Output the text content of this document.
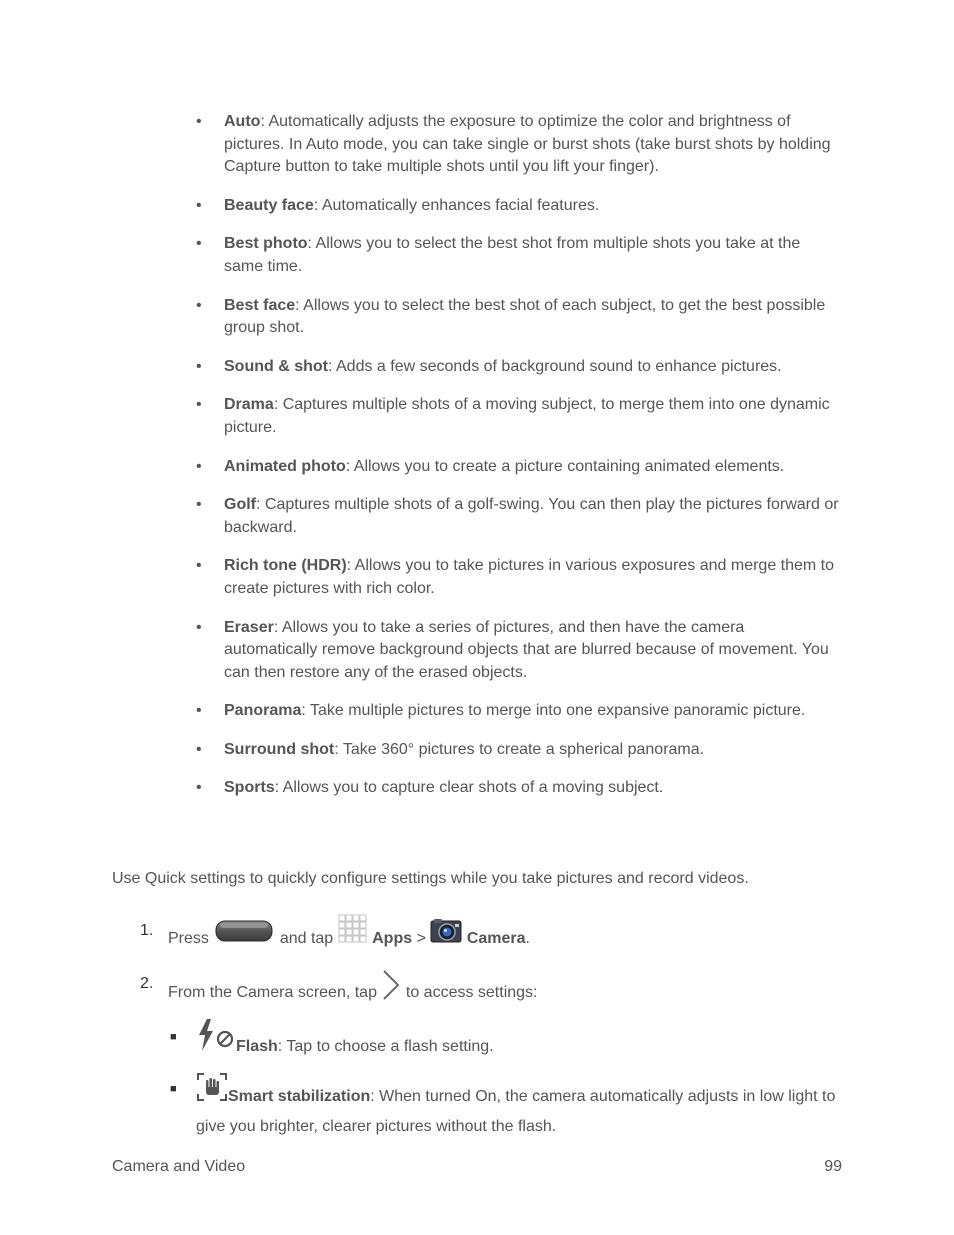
• Auto: Automatically adjusts the exposure to optimize the color and brightness of pictures. In Auto mode, you can take single or burst shots (take burst shots by holding Capture button to take multiple shots until you lift your finger).
• Beauty face: Automatically enhances facial features.
• Best photo: Allows you to select the best shot from multiple shots you take at the same time.
• Best face: Allows you to select the best shot of each subject, to get the best possible group shot.
• Sound & shot: Adds a few seconds of background sound to enhance pictures.
• Drama: Captures multiple shots of a moving subject, to merge them into one dynamic picture.
• Animated photo: Allows you to create a picture containing animated elements.
• Golf: Captures multiple shots of a golf-swing. You can then play the pictures forward or backward.
• Rich tone (HDR): Allows you to take pictures in various exposures and merge them to create pictures with rich color.
• Eraser: Allows you to take a series of pictures, and then have the camera automatically remove background objects that are blurred because of movement. You can then restore any of the erased objects.
• Panorama: Take multiple pictures to merge into one expansive panoramic picture.
• Surround shot: Take 360° pictures to create a spherical panorama.
• Sports: Allows you to capture clear shots of a moving subject.

Use Quick settings to quickly configure settings while you take pictures and record videos.

1. Press	and tap Apps >	Camera.
2.
From the Camera screen, tap to access settings:
■
Flash: Tap to choose a flash setting.
■	Smart stabilization: When turned On, the camera automatically adjusts in low light to give you brighter, clearer pictures without the flash.
Camera and Video	99
